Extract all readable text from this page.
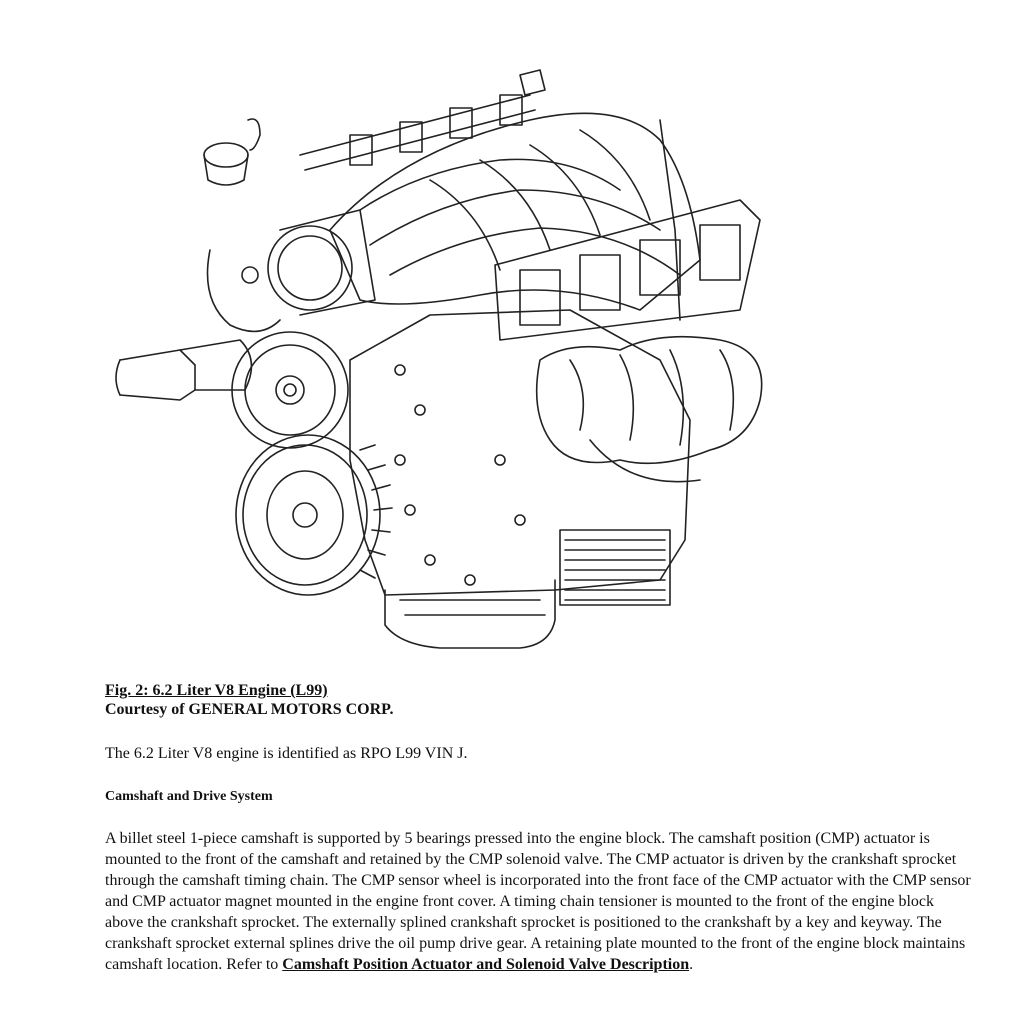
Fig. 2: 6.2 Liter V8 Engine (L99)
Courtesy of GENERAL MOTORS CORP.
The 6.2 Liter V8 engine is identified as RPO L99 VIN J.
Camshaft and Drive System
A billet steel 1-piece camshaft is supported by 5 bearings pressed into the engine block. The camshaft position (CMP) actuator is mounted to the front of the camshaft and retained by the CMP solenoid valve. The CMP actuator is driven by the crankshaft sprocket through the camshaft timing chain. The CMP sensor wheel is incorporated into the front face of the CMP actuator with the CMP sensor and CMP actuator magnet mounted in the engine front cover. A timing chain tensioner is mounted to the front of the engine block above the crankshaft sprocket. The externally splined crankshaft sprocket is positioned to the crankshaft by a key and keyway. The crankshaft sprocket external splines drive the oil pump drive gear. A retaining plate mounted to the front of the engine block maintains camshaft location. Refer to Camshaft Position Actuator and Solenoid Valve Description.
